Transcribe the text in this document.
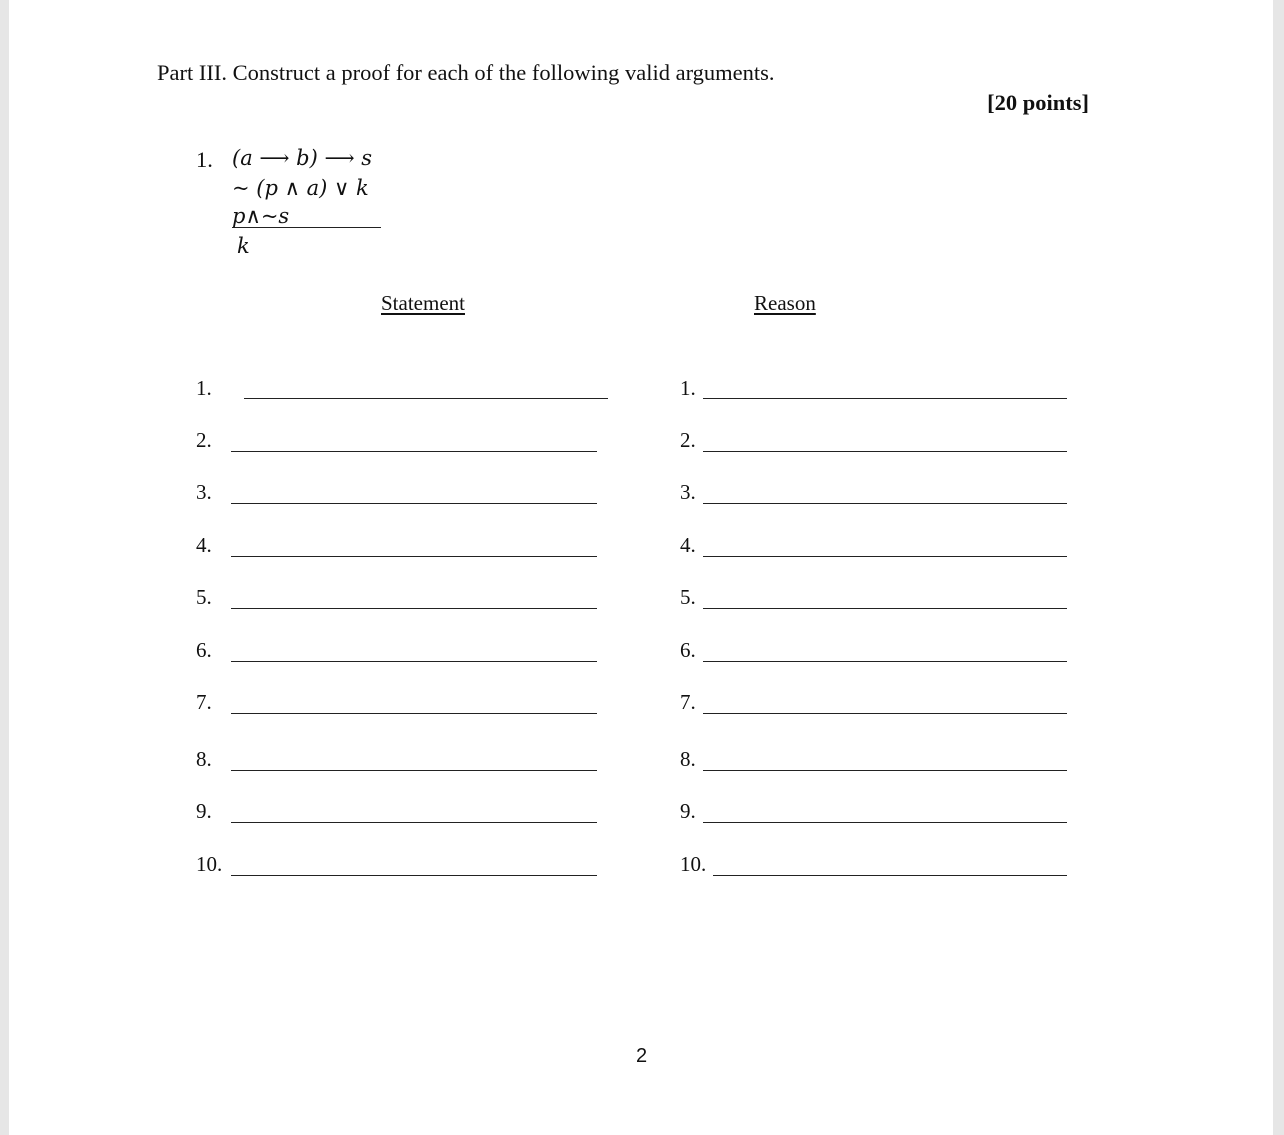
Part III. Construct a proof for each of the following valid arguments.
[20 points]
1. (a ⟶ b) ⟶ s
~ (p ∧ a) ∨ k
p∧~s
k
Statement	Reason
1.
2.
3.
4.
5.
6.
7.
8.
9.
10.
1.
2.
3.
4.
5.
6.
7.
8.
9.
10.
2
